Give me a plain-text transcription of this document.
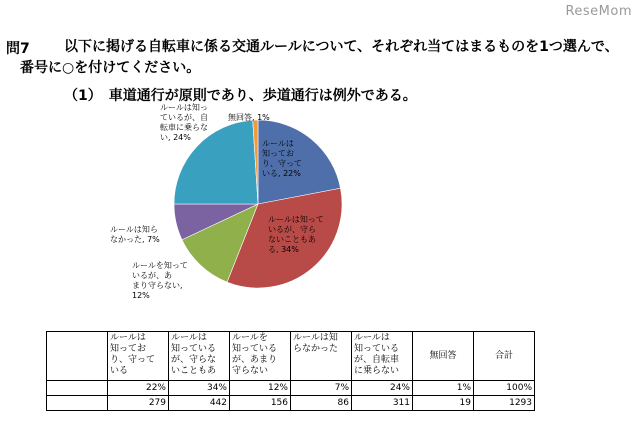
ReseMom
問7 以下に掲げる自転車に係る交通ルールについて、それぞれ当てはまるものを1つ選んで、
番号に○を付けてください。
（1）　車道通行が原則であり、歩道通行は例外である。
ルールは知っており、守っている, 22%
ルールは知っているが、守らないこともある, 34%
ルールを知っているが、あまり守らない, 12%
ルールは知らなかった, 7%
ルールは知っているが、自転車に乗らない, 24%
無回答, 1%
	ルールは
知ってお
り、守って
いる	ルールは
知っている
が、守らな
いこともあ	ルールを
知っている
が、あまり
守らない	ルールは知
らなかった	ルールは
知っている
が、自転車
に乗らない	無回答	合計
	22%	34%	12%	7%	24%	1%	100%
	279	442	156	86	311	19	1293
